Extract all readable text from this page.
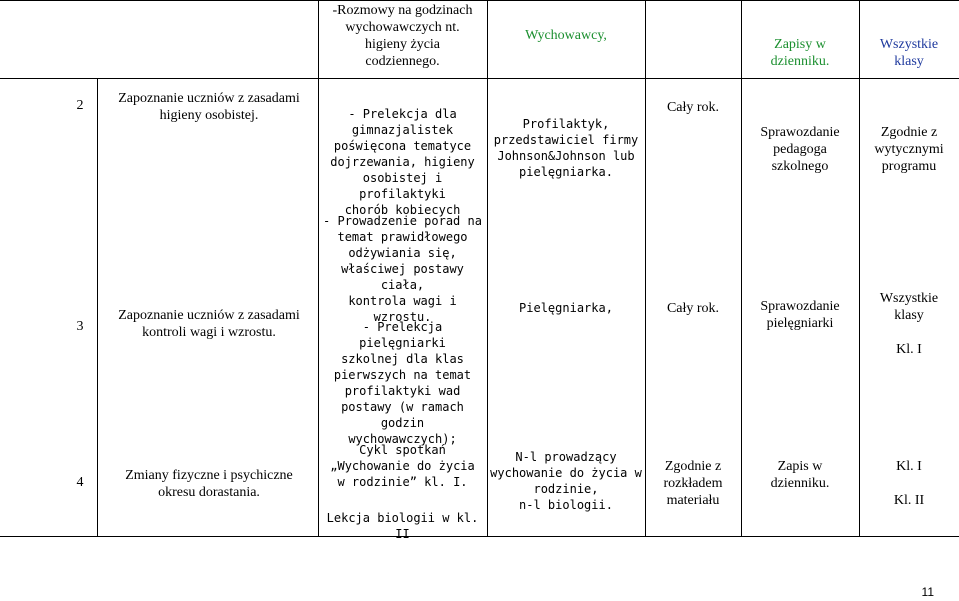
-Rozmowy na godzinach
wychowawczych nt.
higieny życia
codziennego.
Wychowawcy,
Zapisy w
dzienniku.
Wszystkie
klasy
2
3
4
Zapoznanie uczniów z zasadami
higieny osobistej.
Zapoznanie uczniów z zasadami
kontroli wagi i wzrostu.
Zmiany fizyczne i psychiczne
okresu dorastania.
- Prelekcja dla
gimnazjalistek
poświęcona tematyce
dojrzewania, higieny
osobistej i profilaktyki
chorób kobiecych
- Prowadzenie porad na
temat prawidłowego
odżywiania się,
właściwej postawy ciała,
kontrola wagi i wzrostu.
- Prelekcja pielęgniarki
szkolnej dla klas
pierwszych na temat
profilaktyki wad
postawy (w ramach
godzin
wychowawczych);
Cykl spotkań
„Wychowanie do życia
w rodzinie” kl. I.
Lekcja biologii w kl. II
Profilaktyk,
przedstawiciel firmy
Johnson&Johnson lub
pielęgniarka.
Pielęgniarka,
N-l prowadzący
wychowanie do życia w
rodzinie,
n-l biologii.
Cały rok.
Cały rok.
Zgodnie z
rozkładem
materiału
Sprawozdanie
pedagoga
szkolnego
Sprawozdanie
pielęgniarki
Zapis w
dzienniku.
Zgodnie z
wytycznymi
programu
Wszystkie
klasy

Kl. I
Kl. I

Kl. II
11
